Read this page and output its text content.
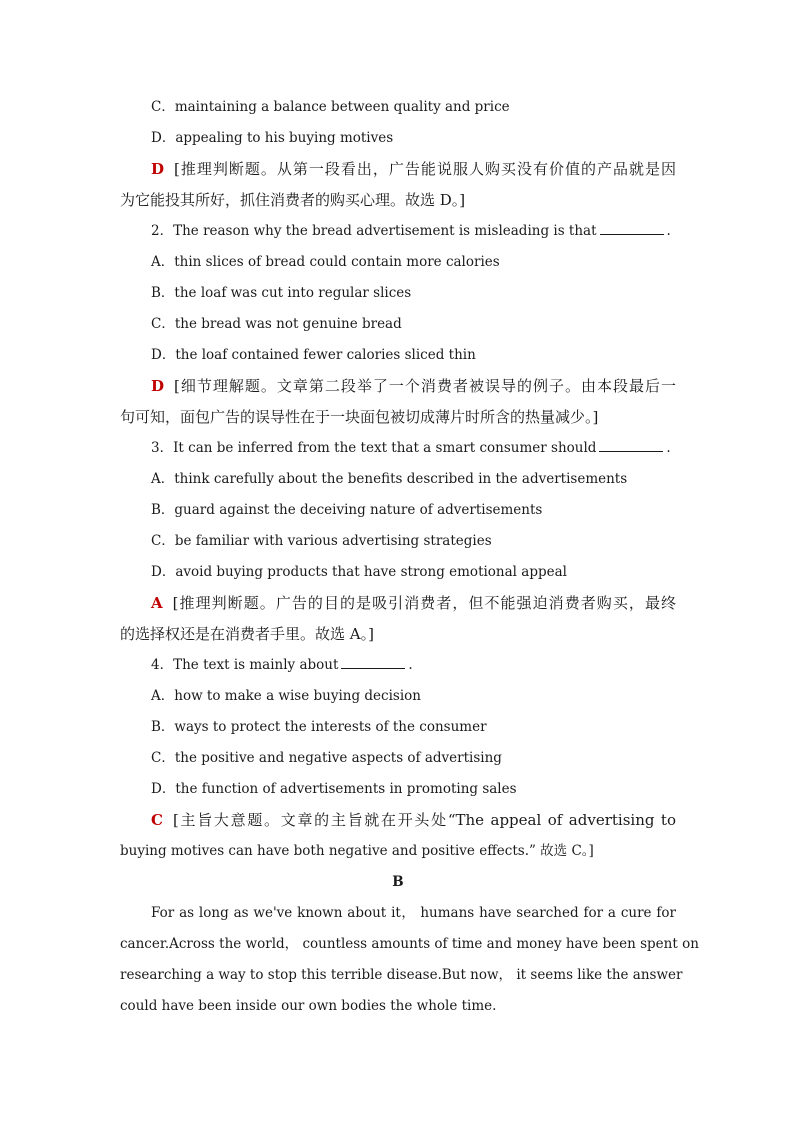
C．maintaining a balance between quality and price
D．appealing to his buying motives
D [推理判断题。从第一段看出，广告能说服人购买没有价值的产品就是因
为它能投其所好，抓住消费者的购买心理。故选 D。]
2．The reason why the bread advertisement is misleading is that	.
A．thin slices of bread could contain more calories
B．the loaf was cut into regular slices
C．the bread was not genuine bread
D．the loaf contained fewer calories sliced thin
D [细节理解题。文章第二段举了一个消费者被误导的例子。由本段最后一
句可知，面包广告的误导性在于一块面包被切成薄片时所含的热量减少。]
3．It can be inferred from the text that a smart consumer should	.
A．think carefully about the benefits described in the advertisements
B．guard against the deceiving nature of advertisements
C．be familiar with various advertising strategies
D．avoid buying products that have strong emotional appeal
A [推理判断题。广告的目的是吸引消费者，但不能强迫消费者购买，最终
的选择权还是在消费者手里。故选 A。]
4．The text is mainly about	.
A．how to make a wise buying decision
B．ways to protect the interests of the consumer
C．the positive and negative aspects of advertising
D．the function of advertisements in promoting sales
C [主旨大意题。文章的主旨就在开头处“The appeal of advertising to
buying motives can have both negative and positive effects.” 故选 C。]
B
For as long as we've known about it， humans have searched for a cure for
cancer.Across the world， countless amounts of time and money have been spent on
researching a way to stop this terrible disease.But now， it seems like the answer
could have been inside our own bodies the whole time.
